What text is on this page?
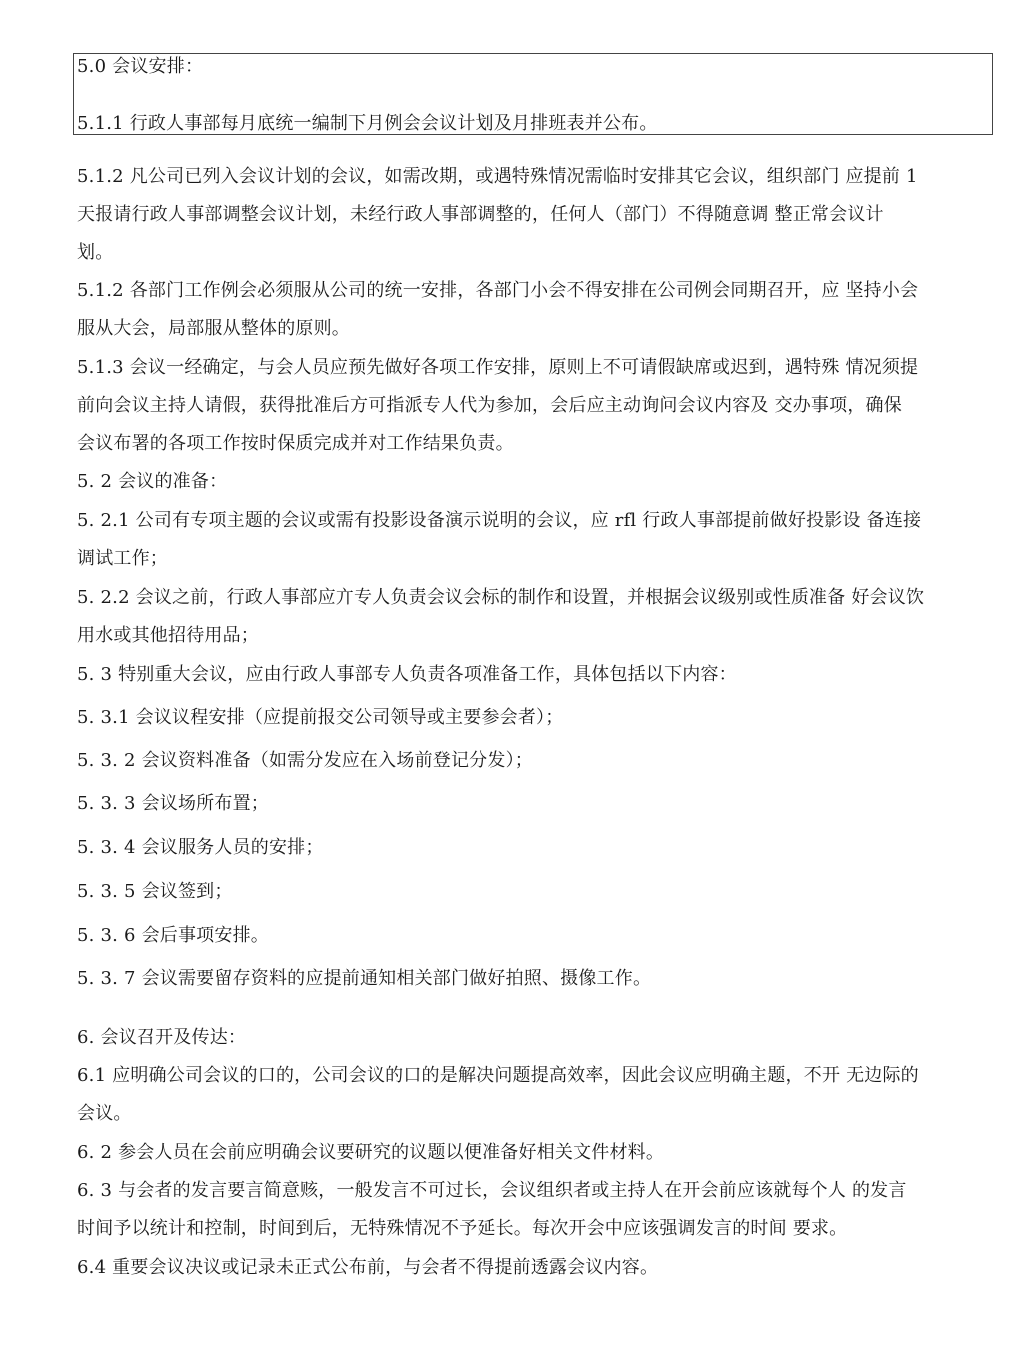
5.0 会议安排：
5.1.1 行政人事部每月底统一编制下月例会会议计划及月排班表并公布。
5.1.2 凡公司已列入会议计划的会议，如需改期，或遇特殊情况需临时安排其它会议，组织部门 应提前 1
天报请行政人事部调整会议计划，未经行政人事部调整的，任何人（部门）不得随意调 整正常会议计
划。
5.1.2 各部门工作例会必须服从公司的统一安排，各部门小会不得安排在公司例会同期召开，应 坚持小会
服从大会，局部服从整体的原则。
5.1.3 会议一经确定，与会人员应预先做好各项工作安排，原则上不可请假缺席或迟到，遇特殊 情况须提
前向会议主持人请假，获得批准后方可指派专人代为参加，会后应主动询问会议内容及 交办事项，确保
会议布署的各项工作按时保质完成并对工作结果负责。
5. 2 会议的准备：
5. 2.1 公司有专项主题的会议或需有投影设备演示说明的会议，应 rfl 行政人事部提前做好投影设 备连接
调试工作；
5. 2.2 会议之前，行政人事部应亣专人负责会议会标的制作和设置，并根据会议级别或性质准备 好会议饮
用水或其他招待用品；
5. 3 特别重大会议，应由行政人事部专人负责各项准备工作，具体包括以下内容：
5. 3.1 会议议程安排（应提前报交公司领导或主要参会者）；
5. 3. 2 会议资料准备（如需分发应在入场前登记分发）；
5. 3. 3 会议场所布置；
5. 3. 4 会议服务人员的安排；
5. 3. 5 会议签到；
5. 3. 6 会后事项安排。
5. 3. 7 会议需要留存资料的应提前通知相关部门做好拍照、摄像工作。
6. 会议召开及传达：
6.1 应明确公司会议的口的，公司会议的口的是解决问题提高效率，因此会议应明确主题，不开 无边际的
会议。
6. 2 参会人员在会前应明确会议要研究的议题以便准备好相关文件材料。
6. 3 与会者的发言要言简意赅，一般发言不可过长，会议组织者或主持人在开会前应该就每个人 的发言
时间予以统计和控制，时间到后，无特殊情况不予延长。每次开会中应该强调发言的时间 要求。
6.4 重要会议决议或记录未正式公布前，与会者不得提前透露会议内容。
